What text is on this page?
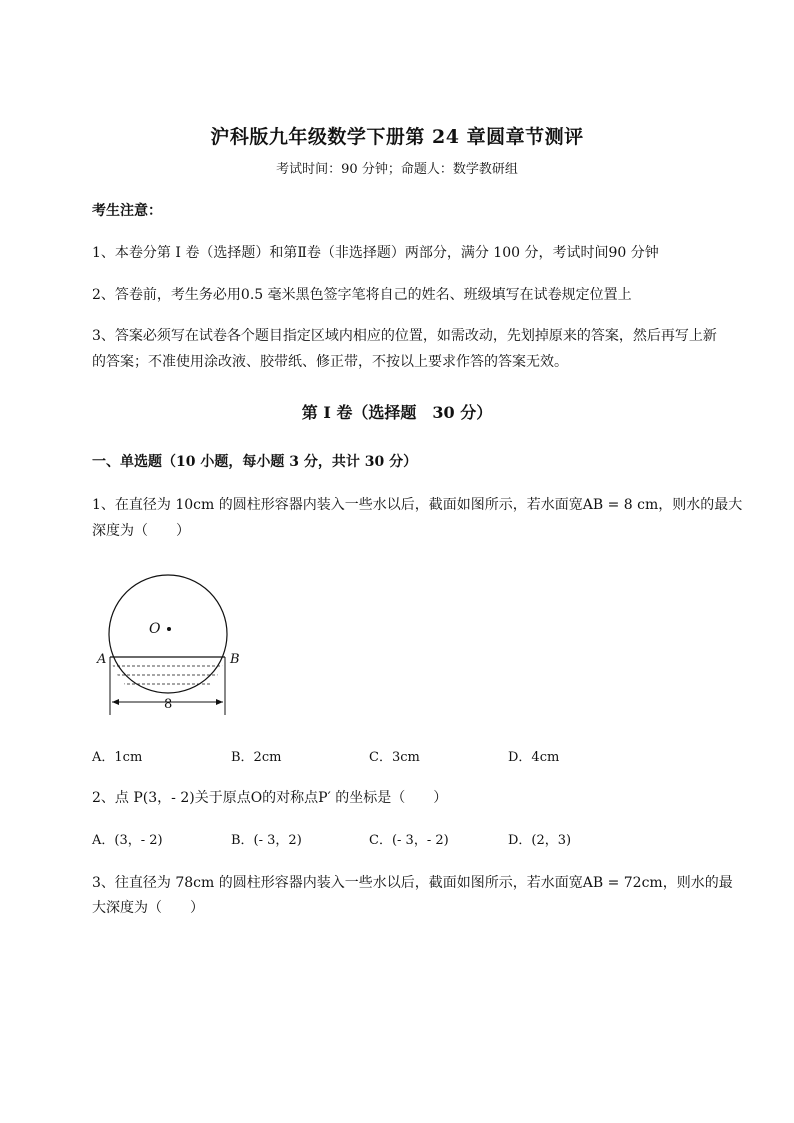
沪科版九年级数学下册第 24 章圆章节测评
考试时间：90 分钟；命题人：数学教研组
考生注意：
1、本卷分第 I 卷（选择题）和第Ⅱ卷（非选择题）两部分，满分 100 分，考试时间90 分钟
2、答卷前，考生务必用0.5 毫米黑色签字笔将自己的姓名、班级填写在试卷规定位置上
3、答案必须写在试卷各个题目指定区域内相应的位置，如需改动，先划掉原来的答案，然后再写上新
的答案；不准使用涂改液、胶带纸、修正带，不按以上要求作答的答案无效。
第 I 卷（选择题　30 分）
一、单选题（10 小题，每小题 3 分，共计 30 分）
1、在直径为 10cm 的圆柱形容器内装入一些水以后，截面如图所示，若水面宽AB = 8 cm，则水的最大
深度为（　　）
O
A	B
8
A．1cm	B．2cm	C．3cm	D．4cm
2、点 P(3，- 2)关于原点O的对称点P′ 的坐标是（　　）
A．(3，- 2)	B．(- 3，2)	C．(- 3，- 2)	D．(2，3)
3、往直径为 78cm 的圆柱形容器内装入一些水以后，截面如图所示，若水面宽AB = 72cm，则水的最
大深度为（　　）
